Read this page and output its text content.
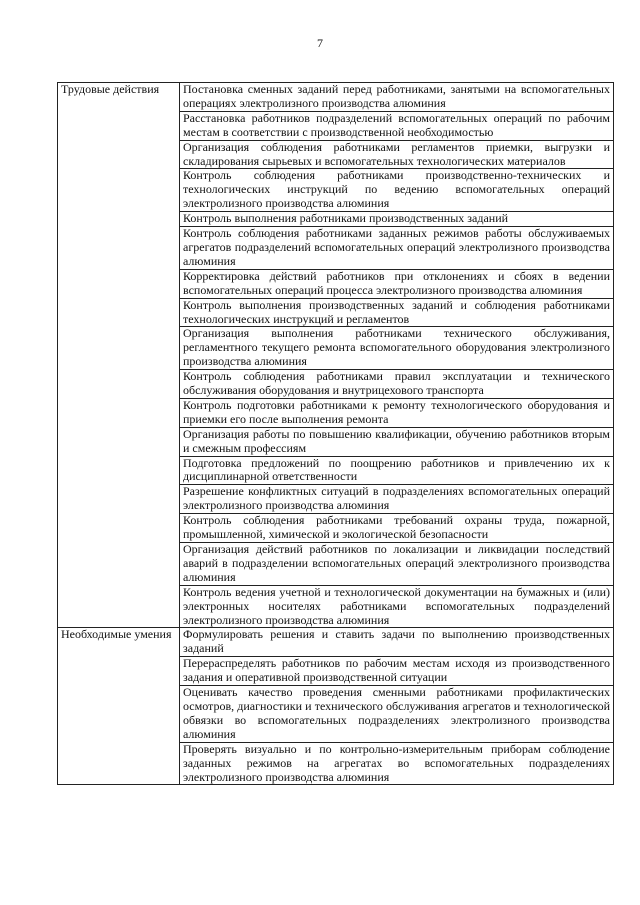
7
Трудовые действия	Постановка сменных заданий перед работниками, занятыми на вспомогательных операциях электролизного производства алюминия
	Расстановка работников подразделений вспомогательных операций по рабочим местам в соответствии с производственной необходимостью
	Организация соблюдения работниками регламентов приемки, выгрузки и складирования сырьевых и вспомогательных технологических материалов
	Контроль соблюдения работниками производственно-технических и технологических инструкций по ведению вспомогательных операций электролизного производства алюминия
	Контроль выполнения работниками производственных заданий
	Контроль соблюдения работниками заданных режимов работы обслуживаемых агрегатов подразделений вспомогательных операций электролизного производства алюминия
	Корректировка действий работников при отклонениях и сбоях в ведении вспомогательных операций процесса электролизного производства алюминия
	Контроль выполнения производственных заданий и соблюдения работниками технологических инструкций и регламентов
	Организация выполнения работниками технического обслуживания, регламентного текущего ремонта вспомогательного оборудования электролизного производства алюминия
	Контроль соблюдения работниками правил эксплуатации и технического обслуживания оборудования и внутрицехового транспорта
	Контроль подготовки работниками к ремонту технологического оборудования и приемки его после выполнения ремонта
	Организация работы по повышению квалификации, обучению работников вторым и смежным профессиям
	Подготовка предложений по поощрению работников и привлечению их к дисциплинарной ответственности
	Разрешение конфликтных ситуаций в подразделениях вспомогательных операций электролизного производства алюминия
	Контроль соблюдения работниками требований охраны труда, пожарной, промышленной, химической и экологической безопасности
	Организация действий работников по локализации и ликвидации последствий аварий в подразделении вспомогательных операций электролизного производства алюминия
	Контроль ведения учетной и технологической документации на бумажных и (или) электронных носителях работниками вспомогательных подразделений электролизного производства алюминия
Необходимые умения	Формулировать решения и ставить задачи по выполнению производственных заданий
	Перераспределять работников по рабочим местам исходя из производственного задания и оперативной производственной ситуации
	Оценивать качество проведения сменными работниками профилактических осмотров, диагностики и технического обслуживания агрегатов и технологической обвязки во вспомогательных подразделениях электролизного производства алюминия
	Проверять визуально и по контрольно-измерительным приборам соблюдение заданных режимов на агрегатах во вспомогательных подразделениях электролизного производства алюминия
